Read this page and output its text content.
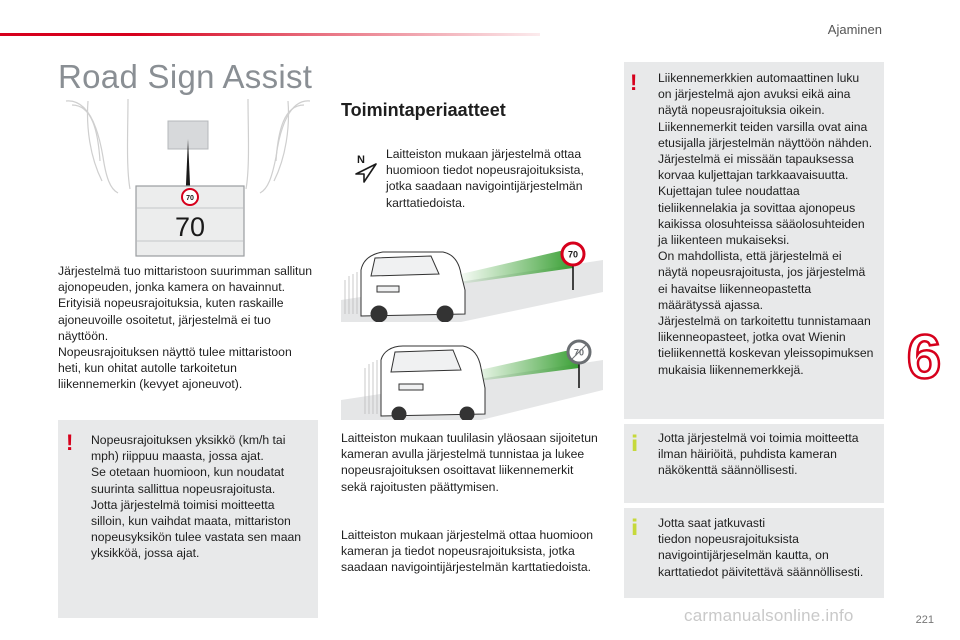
Ajaminen
Road Sign Assist
70
70

Järjestelmä tuo mittaristoon suurimman sallitun

ajonopeuden, jonka kamera on havainnut.

Erityisiä nopeusrajoituksia, kuten raskaille

ajoneuvoille osoitetut, järjestelmä ei tuo

näyttöön.

Nopeusrajoituksen näyttö tulee mittaristoon

heti, kun ohitat autolle tarkoitetun

liikennemerkin (kevyet ajoneuvot).

! Nopeusrajoituksen yksikkö (km/h tai

mph) riippuu maasta, jossa ajat.

Se otetaan huomioon, kun noudatat

suurinta sallittua nopeusrajoitusta.

Jotta järjestelmä toimisi moitteetta

silloin, kun vaihdat maata, mittariston

nopeusyksikön tulee vastata sen maan

yksikköä, jossa ajat.

Toimintaperiaatteet
N Laitteiston mukaan järjestelmä ottaa

huomioon tiedot nopeusrajoituksista,

jotka saadaan navigointijärjestelmän

karttatiedoista.

70
70

Laitteiston mukaan tuulilasin yläosaan sijoitetun

kameran avulla järjestelmä tunnistaa ja lukee

nopeusrajoituksen osoittavat liikennemerkit

sekä rajoitusten päättymisen.

Laitteiston mukaan järjestelmä ottaa huomioon

kameran ja tiedot nopeusrajoituksista, jotka

saadaan navigointijärjestelmän karttatiedoista.

! Liikennemerkkien automaattinen luku

on järjestelmä ajon avuksi eikä aina

näytä nopeusrajoituksia oikein.

Liikennemerkit teiden varsilla ovat aina

etusijalla järjestelmän näyttöön nähden.

Järjestelmä ei missään tapauksessa

korvaa kuljettajan tarkkaavaisuutta.

Kujettajan tulee noudattaa

tieliikennelakia ja sovittaa ajonopeus

kaikissa olosuhteissa sääolosuhteiden

ja liikenteen mukaiseksi.

On mahdollista, että järjestelmä ei

näytä nopeusrajoitusta, jos järjestelmä

ei havaitse liikenneopastetta

määrätyssä ajassa.

Järjestelmä on tarkoitettu tunnistamaan

liikenneopasteet, jotka ovat Wienin

tieliikennettä koskevan yleissopimuksen

mukaisia liikennemerkkejä.

i Jotta järjestelmä voi toimia moitteetta

ilman häiriöitä, puhdista kameran

näkökenttä säännöllisesti.

i Jotta saat jatkuvasti

tiedon nopeusrajoituksista

navigointijärjeselmän kautta, on

karttatiedot päivitettävä säännöllisesti.

6
carmanualsonline.info	221
